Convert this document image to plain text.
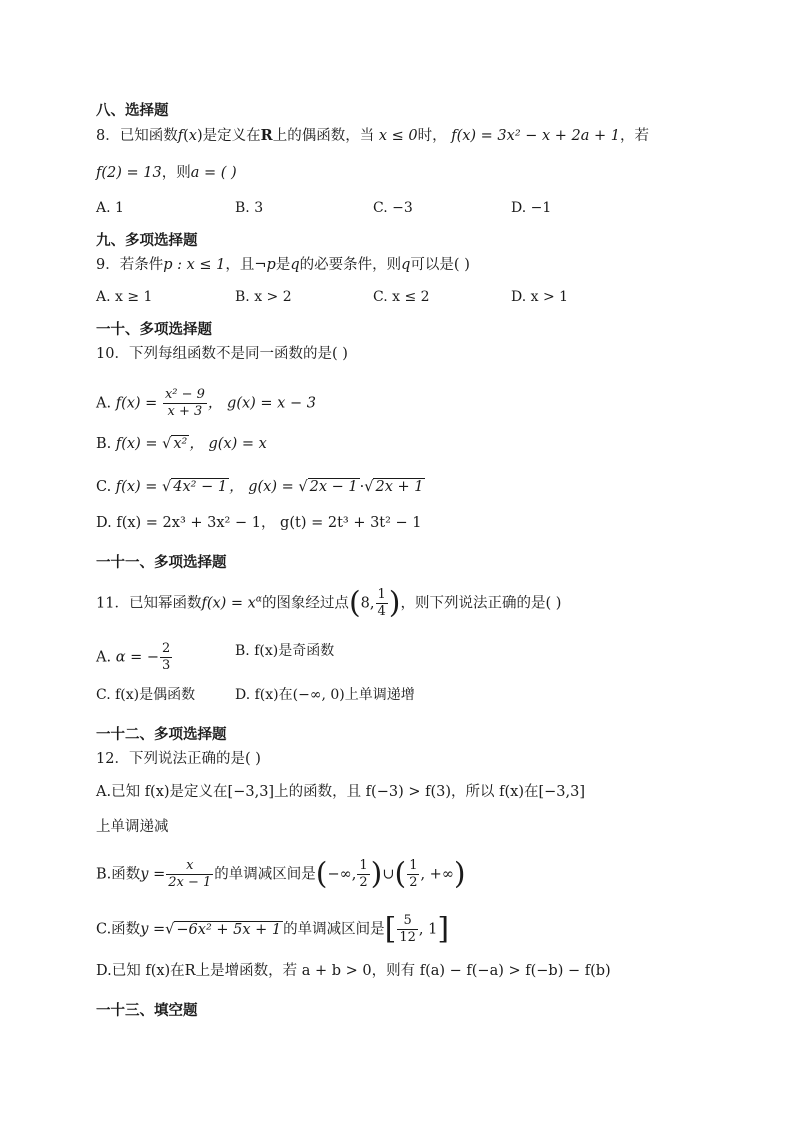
八、选择题
8．已知函数f(x)是定义在R上的偶函数，当 x ≤ 0时， f(x) = 3x² − x + 2a + 1，若
f(2) = 13，则a = ( )
A. 1	B. 3	C. −3	D. −1
九、多项选择题
9．若条件p : x ≤ 1，且¬p是q的必要条件，则q可以是( )
A. x ≥ 1	B. x > 2	C. x ≤ 2	D. x > 1
一十、多项选择题
10．下列每组函数不是同一函数的是( )
A. $f(x) = \frac{\text{x² − 9}}{x + 3}$ ， g(x) = x − 3
B. f(x) = √ x² ， g(x) = x
C. f(x) = √ 4x² − 1 ， g(x) = √ 2x − 1 ·√ 2x + 1
D. f(x) = 2x³ + 3x² − 1， g(t) = 2t³ + 3t² − 1
一十一、多项选择题
11．已知幂函数$f(x) = x^\alpha$的图象经过点(8, $\frac{1}{4}$ )，则下列说法正确的是( )
A. α = − $\frac{2}{3}$	B. f(x)是奇函数
C. f(x)是偶函数	D. f(x)在(−∞, 0)上单调递增
一十二、多项选择题
12．下列说法正确的是( )
A.已知 f(x)是定义在[−3,3]上的函数，且 f(−3) > f(3)，所以 f(x)在[−3,3]
上单调递减
B.函数$y = \frac{x}{2x - 1}$ 的单调减区间是(−∞, $\frac{1}{2}$ )∪( $\frac{1}{2}$ , +∞)
C.函数y =√ −6x² + 5x + 1 的单调减区间是[ $\frac{5}{12}$ , 1]
D.已知 f(x)在R上是增函数，若 a + b > 0，则有 f(a) − f(−a) > f(−b) − f(b)
一十三、填空题
